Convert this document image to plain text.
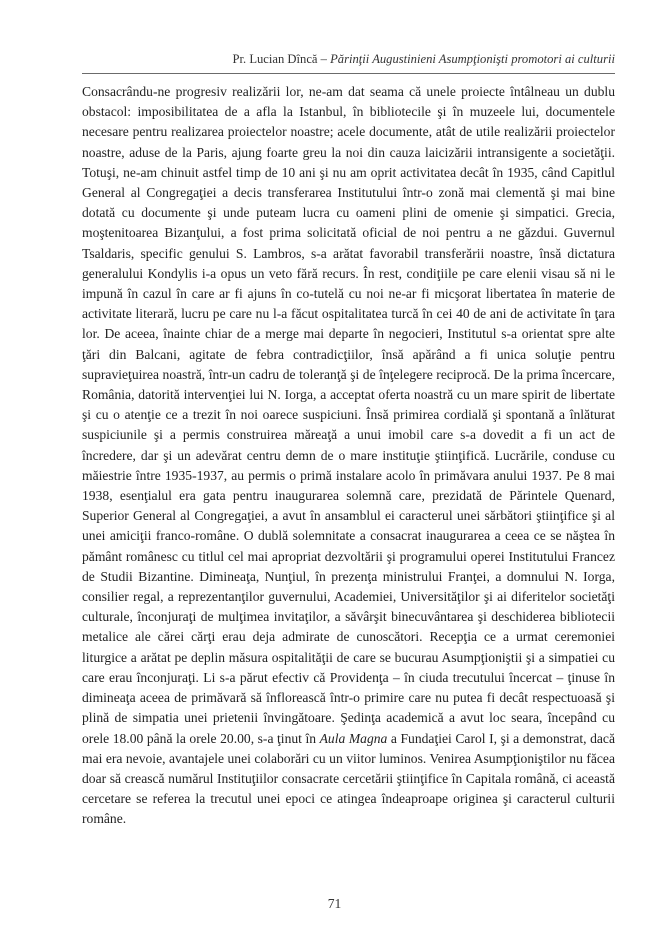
Pr. Lucian Dîncă – Părinţii Augustinieni Asumpţionişti promotori ai culturii

Consacrându-ne progresiv realizării lor, ne-am dat seama că unele proiecte întâlneau un dublu obstacol: imposibilitatea de a afla la Istanbul, în bibliotecile şi în muzeele lui, documentele necesare pentru realizarea proiectelor noastre; acele documente, atât de utile realizării proiectelor noastre, aduse de la Paris, ajung foarte greu la noi din cauza laicizării intransigente a societăţii. Totuşi, ne-am chinuit astfel timp de 10 ani şi nu am oprit activitatea decât în 1935, când Capitlul General al Congregaţiei a decis transferarea Institutului într-o zonă mai clementă şi mai bine dotată cu documente şi unde puteam lucra cu oameni plini de omenie şi simpatici. Grecia, moştenitoarea Bizanţului, a fost prima solicitată oficial de noi pentru a ne găzdui. Guvernul Tsaldaris, specific genului S. Lambros, s-a arătat favorabil transferării noastre, însă dictatura generalului Kondylis i-a opus un veto fără recurs. În rest, condiţiile pe care elenii visau să ni le impună în cazul în care ar fi ajuns în co-tutelă cu noi ne-ar fi micşorat libertatea în materie de activitate literară, lucru pe care nu l-a făcut ospitalitatea turcă în cei 40 de ani de activitate în ţara lor. De aceea, înainte chiar de a merge mai departe în negocieri, Institutul s-a orientat spre alte ţări din Balcani, agitate de febra contradicţiilor, însă apărând a fi unica soluţie pentru supravieţuirea noastră, într-un cadru de toleranţă şi de înţelegere reciprocă. De la prima încercare, România, datorită intervenţiei lui N. Iorga, a acceptat oferta noastră cu un mare spirit de libertate şi cu o atenţie ce a trezit în noi oarece suspiciuni. Însă primirea cordială şi spontană a înlăturat suspiciunile şi a permis construirea măreaţă a unui imobil care s-a dovedit a fi un act de încredere, dar şi un adevărat centru demn de o mare instituţie ştiinţifică. Lucrările, conduse cu măiestrie între 1935-1937, au permis o primă instalare acolo în primăvara anului 1937. Pe 8 mai 1938, esenţialul era gata pentru inaugurarea solemnă care, prezidată de Părintele Quenard, Superior General al Congregaţiei, a avut în ansamblul ei caracterul unei sărbători ştiinţifice şi al unei amiciţii franco-române. O dublă solemnitate a consacrat inaugurarea a ceea ce se năştea în pământ românesc cu titlul cel mai apropriat dezvoltării şi programului operei Institutului Francez de Studii Bizantine. Dimineaţa, Nunţiul, în prezenţa ministrului Franţei, a domnului N. Iorga, consilier regal, a reprezentanţilor guvernului, Academiei, Universităţilor şi ai diferitelor societăţi culturale, înconjuraţi de mulţimea invitaţilor, a săvârşit binecuvântarea şi deschiderea bibliotecii metalice ale cărei cărţi erau deja admirate de cunoscători. Recepţia ce a urmat ceremoniei liturgice a arătat pe deplin măsura ospitalităţii de care se bucurau Asumpţioniştii şi a simpatiei cu care erau înconjuraţi. Li s-a părut efectiv că Providenţa – în ciuda trecutului încercat – ţinuse în dimineaţa aceea de primăvară să înflorească într-o primire care nu putea fi decât respectuoasă şi plină de simpatia unei prietenii învingătoare. Şedinţa academică a avut loc seara, începând cu orele 18.00 până la orele 20.00, s-a ţinut în Aula Magna a Fundaţiei Carol I, şi a demonstrat, dacă mai era nevoie, avantajele unei colaborări cu un viitor luminos. Venirea Asumpţioniştilor nu făcea doar să crească numărul Instituţiilor consacrate cercetării ştiinţifice în Capitala română, ci această cercetare se referea la trecutul unei epoci ce atingea îndeaproape originea şi caracterul culturii române.

71
